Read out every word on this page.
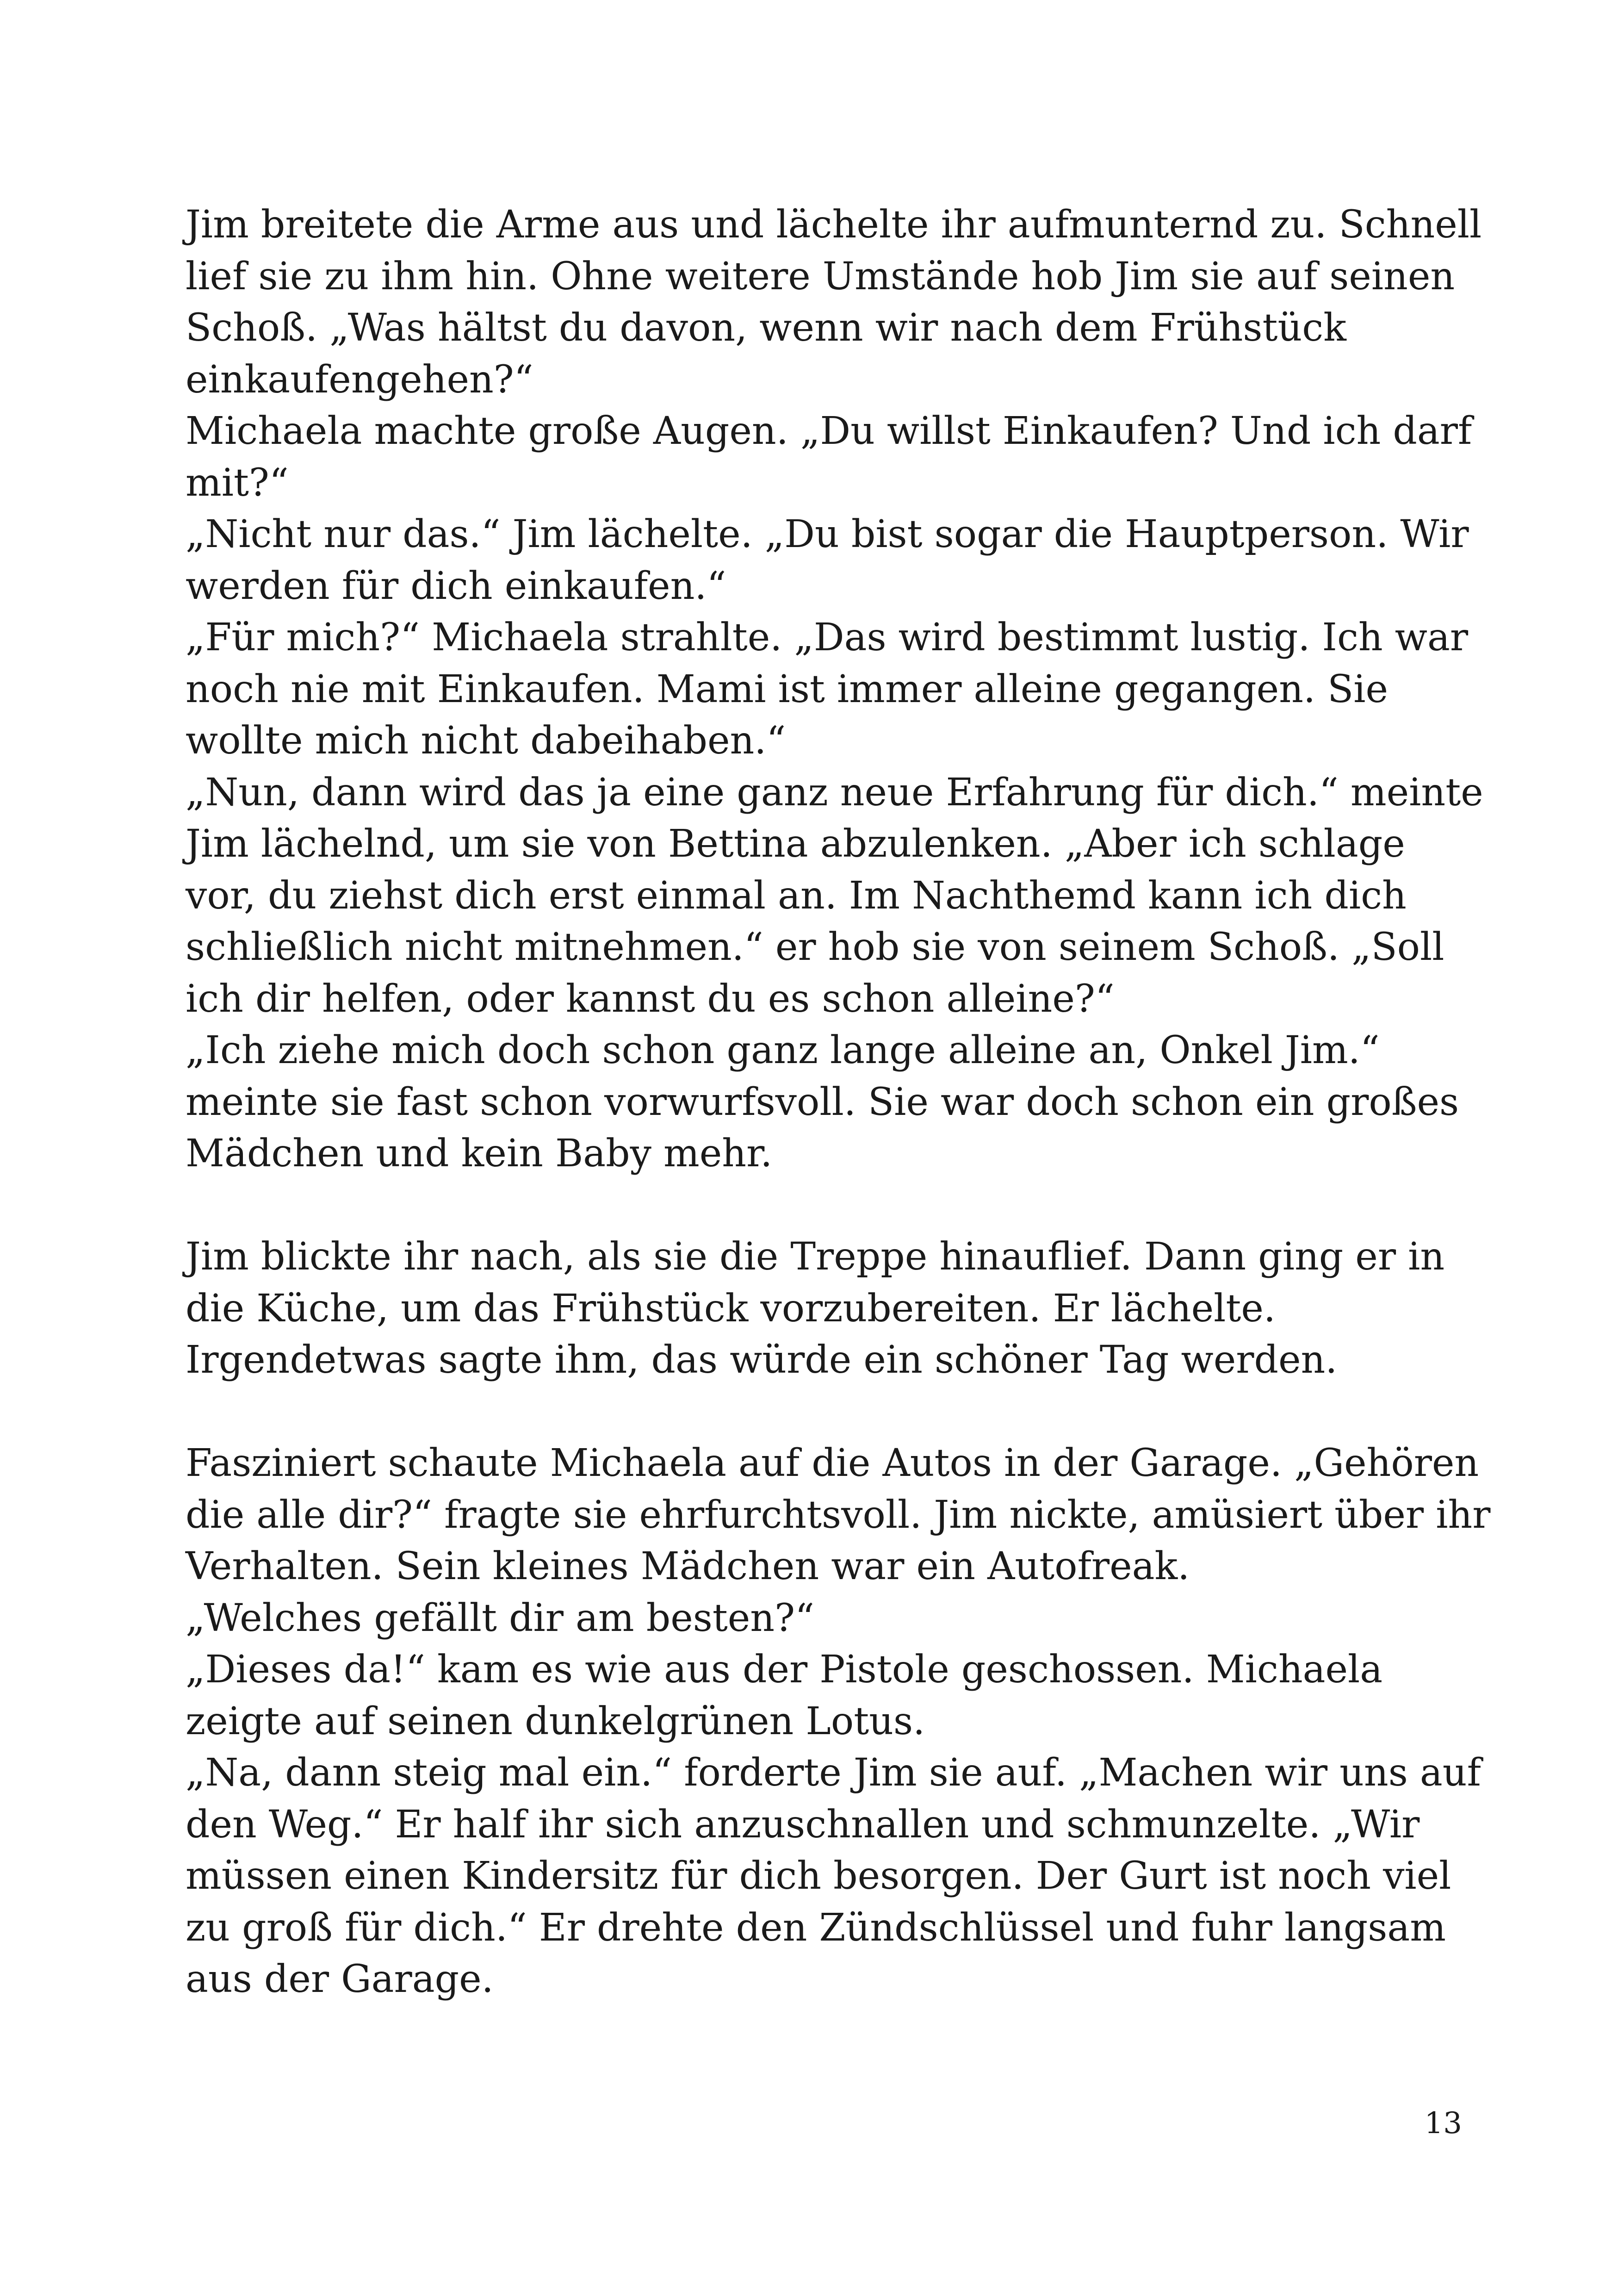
Jim breitete die Arme aus und lächelte ihr aufmunternd zu. Schnell
lief sie zu ihm hin. Ohne weitere Umstände hob Jim sie auf seinen
Schoß. „Was hältst du davon, wenn wir nach dem Frühstück
einkaufengehen?“
Michaela machte große Augen. „Du willst Einkaufen? Und ich darf
mit?“
„Nicht nur das.“ Jim lächelte. „Du bist sogar die Hauptperson. Wir
werden für dich einkaufen.“
„Für mich?“ Michaela strahlte. „Das wird bestimmt lustig. Ich war
noch nie mit Einkaufen. Mami ist immer alleine gegangen. Sie
wollte mich nicht dabeihaben.“
„Nun, dann wird das ja eine ganz neue Erfahrung für dich.“ meinte
Jim lächelnd, um sie von Bettina abzulenken. „Aber ich schlage
vor, du ziehst dich erst einmal an. Im Nachthemd kann ich dich
schließlich nicht mitnehmen.“ er hob sie von seinem Schoß. „Soll
ich dir helfen, oder kannst du es schon alleine?“
„Ich ziehe mich doch schon ganz lange alleine an, Onkel Jim.“
meinte sie fast schon vorwurfsvoll. Sie war doch schon ein großes
Mädchen und kein Baby mehr.
Jim blickte ihr nach, als sie die Treppe hinauflief. Dann ging er in
die Küche, um das Frühstück vorzubereiten. Er lächelte.
Irgendetwas sagte ihm, das würde ein schöner Tag werden.
Fasziniert schaute Michaela auf die Autos in der Garage. „Gehören
die alle dir?“ fragte sie ehrfurchtsvoll. Jim nickte, amüsiert über ihr
Verhalten. Sein kleines Mädchen war ein Autofreak.
„Welches gefällt dir am besten?“
„Dieses da!“ kam es wie aus der Pistole geschossen. Michaela
zeigte auf seinen dunkelgrünen Lotus.
„Na, dann steig mal ein.“ forderte Jim sie auf. „Machen wir uns auf
den Weg.“ Er half ihr sich anzuschnallen und schmunzelte. „Wir
müssen einen Kindersitz für dich besorgen. Der Gurt ist noch viel
zu groß für dich.“ Er drehte den Zündschlüssel und fuhr langsam
aus der Garage.
13
